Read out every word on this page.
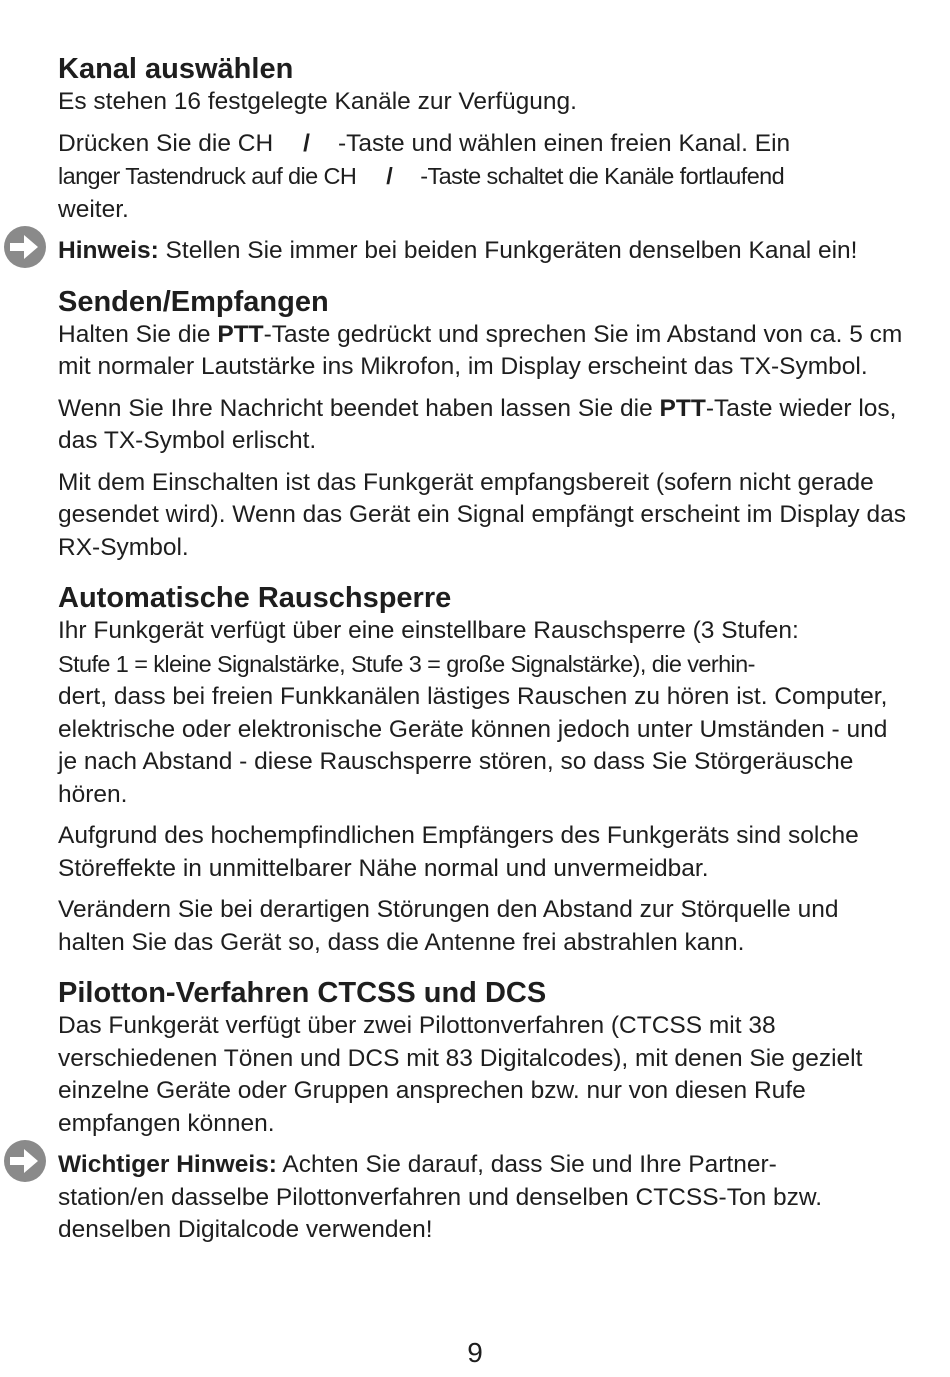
Kanal auswählen

Es stehen 16 festgelegte Kanäle zur Verfügung.

Drücken Sie die CH / -Taste und wählen einen freien Kanal. Ein
langer Tastendruck auf die CH / -Taste schaltet die Kanäle fortlaufend
weiter.

Hinweis: Stellen Sie immer bei beiden Funkgeräten denselben Kanal ein!

Senden/Empfangen

Halten Sie die PTT-Taste gedrückt und sprechen Sie im Abstand von ca. 5 cm mit normaler Lautstärke ins Mikrofon, im Display erscheint das TX-Symbol.

Wenn Sie Ihre Nachricht beendet haben lassen Sie die PTT-Taste wieder los, das TX-Symbol erlischt.

Mit dem Einschalten ist das Funkgerät empfangsbereit (sofern nicht gerade gesendet wird). Wenn das Gerät ein Signal empfängt erscheint im Display das RX-Symbol.

Automatische Rauschsperre

Ihr Funkgerät verfügt über eine einstellbare Rauschsperre (3 Stufen:
Stufe 1 = kleine Signalstärke, Stufe 3 = große Signalstärke), die verhin-
dert, dass bei freien Funkkanälen lästiges Rauschen zu hören ist. Computer, elektrische oder elektronische Geräte können jedoch unter Umständen - und je nach Abstand - diese Rauschsperre stören, so dass Sie Störgeräusche hören.

Aufgrund des hochempfindlichen Empfängers des Funkgeräts sind solche Störeffekte in unmittelbarer Nähe normal und unvermeidbar.

Verändern Sie bei derartigen Störungen den Abstand zur Störquelle und halten Sie das Gerät so, dass die Antenne frei abstrahlen kann.

Pilotton-Verfahren CTCSS und DCS

Das Funkgerät verfügt über zwei Pilottonverfahren (CTCSS mit 38 verschiedenen Tönen und DCS mit 83 Digitalcodes), mit denen Sie gezielt einzelne Geräte oder Gruppen ansprechen bzw. nur von diesen Rufe empfangen können.

Wichtiger Hinweis: Achten Sie darauf, dass Sie und Ihre Partner-
station/en dasselbe Pilottonverfahren und denselben CTCSS-Ton bzw. denselben Digitalcode verwenden!

9
